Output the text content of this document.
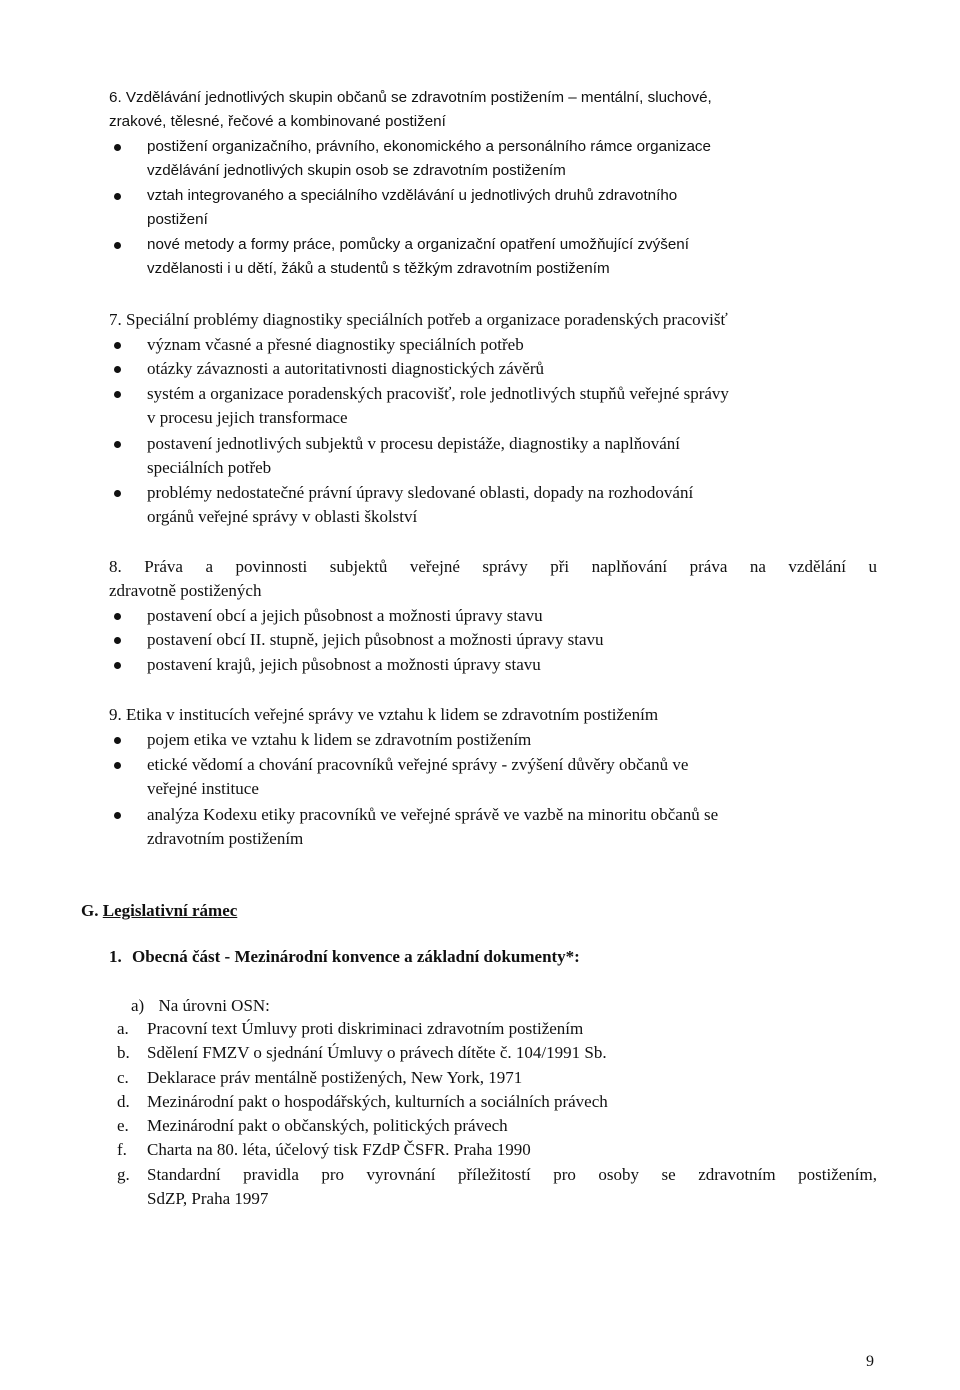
6. Vzdělávání jednotlivých skupin občanů se zdravotním postižením – mentální, sluchové,
zrakové, tělesné, řečové a kombinované postižení
postižení organizačního, právního, ekonomického a personálního rámce organizace
vzdělávání jednotlivých skupin osob se zdravotním postižením
vztah integrovaného a speciálního vzdělávání u jednotlivých druhů zdravotního
postižení
nové metody a formy práce, pomůcky a organizační opatření umožňující zvýšení
vzdělanosti i u dětí, žáků a studentů s těžkým zdravotním postižením
7. Speciální problémy diagnostiky speciálních potřeb a organizace poradenských pracovišť
význam včasné a přesné diagnostiky speciálních potřeb
otázky závaznosti a autoritativnosti diagnostických závěrů
systém a organizace poradenských pracovišť, role jednotlivých stupňů veřejné správy
v procesu jejich transformace
postavení jednotlivých subjektů v procesu depistáže, diagnostiky a naplňování
speciálních potřeb
problémy nedostatečné právní úpravy sledované oblasti, dopady na rozhodování
orgánů veřejné správy v oblasti školství
8. Práva a povinnosti subjektů veřejné správy při naplňování práva na vzdělání u
zdravotně postižených
postavení obcí a jejich působnost a možnosti úpravy stavu
postavení obcí II. stupně, jejich působnost a možnosti úpravy stavu
postavení krajů, jejich působnost a možnosti úpravy stavu
9. Etika v institucích veřejné správy ve vztahu k lidem se zdravotním postižením
pojem etika ve vztahu k lidem se zdravotním postižením
etické vědomí a chování pracovníků veřejné správy - zvýšení důvěry občanů ve
veřejné instituce
analýza Kodexu etiky pracovníků ve veřejné správě ve vazbě na minoritu občanů se
zdravotním postižením
G. Legislativní rámec
1. Obecná část - Mezinárodní konvence a základní dokumenty*:
a) Na úrovni OSN:
a. Pracovní text Úmluvy proti diskriminaci zdravotním postižením
b. Sdělení FMZV o sjednání Úmluvy o právech dítěte č. 104/1991 Sb.
c. Deklarace práv mentálně postižených, New York, 1971
d. Mezinárodní pakt o hospodářských, kulturních a sociálních právech
e. Mezinárodní pakt o občanských, politických právech
f. Charta na 80. léta, účelový tisk FZdP ČSFR. Praha 1990
g. Standardní pravidla pro vyrovnání příležitostí pro osoby se zdravotním postižením,
SdZP, Praha 1997
9
